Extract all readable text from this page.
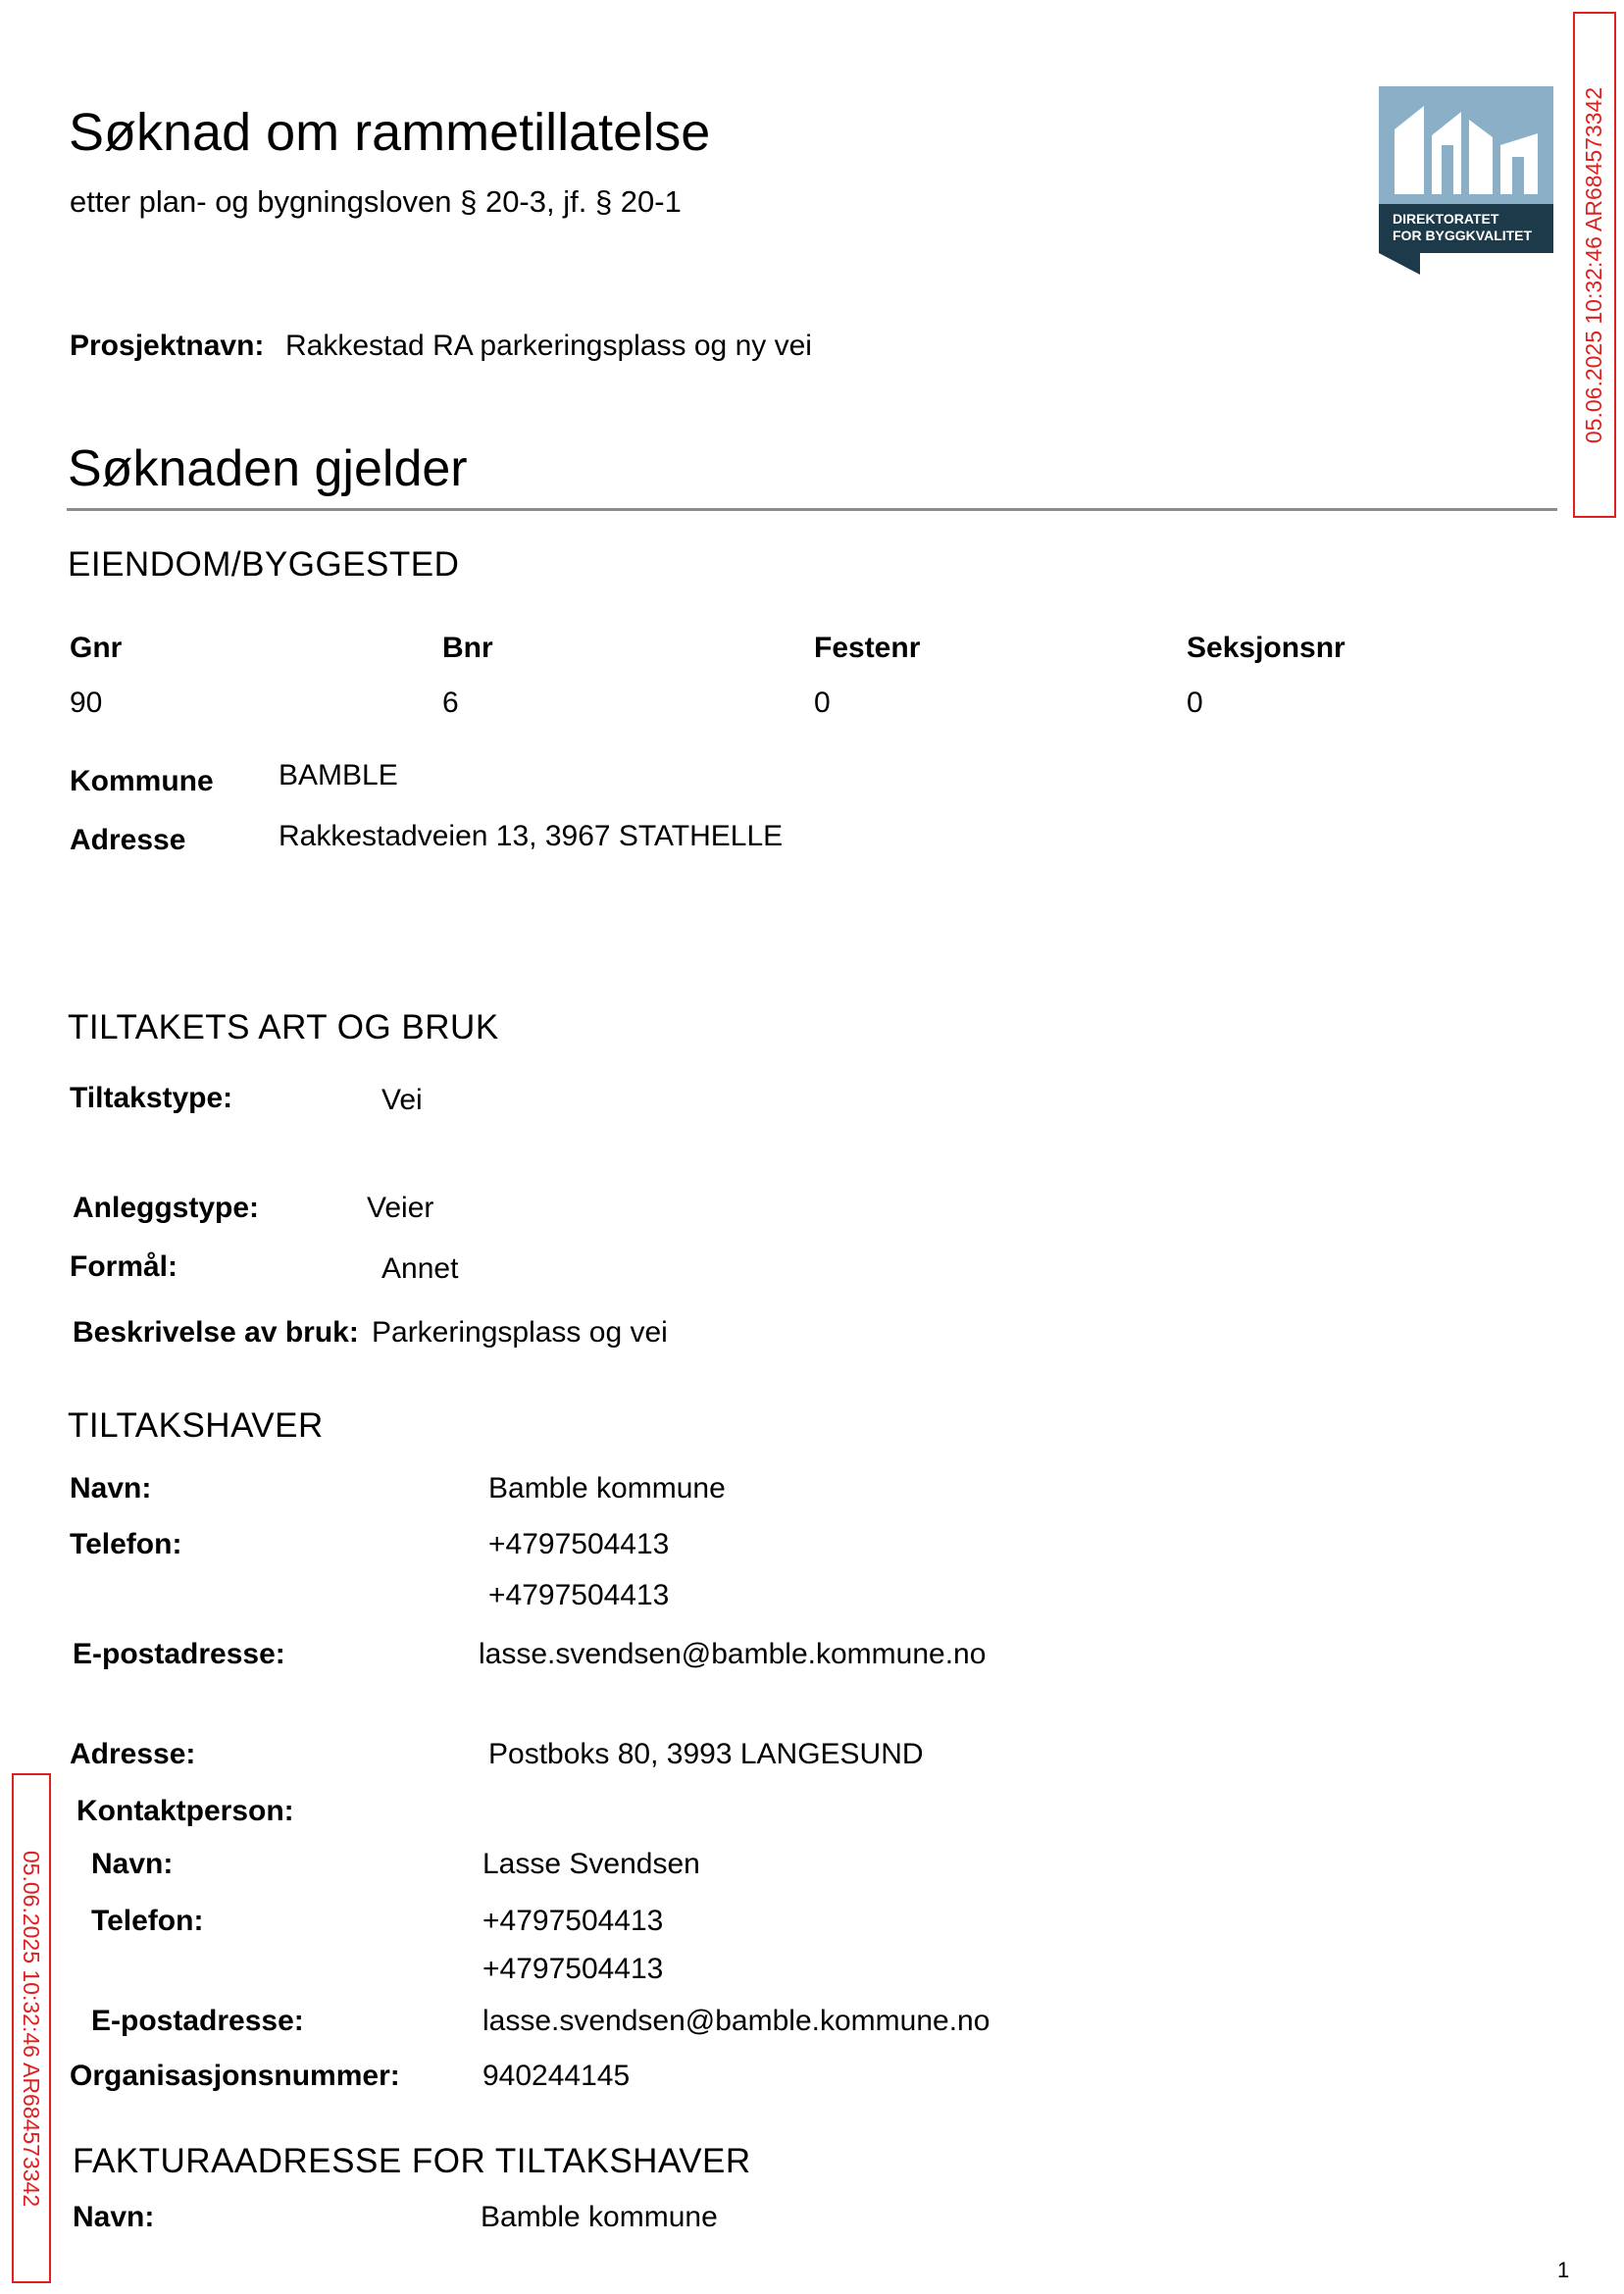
Søknad om rammetillatelse
etter plan- og bygningsloven § 20-3, jf. § 20-1	DIREKTORATET
FOR BYGGKVALITET 05.06.2025 10:32:46 AR684573342
05.06.2025 10:32:46 AR684573342
Prosjektnavn: Rakkestad RA parkeringsplass og ny vei
Søknaden gjelder
EIENDOM/BYGGESTED
Gnr	Bnr	Festenr	Seksjonsnr
90	6	0	0
Kommune BAMBLE
Adresse	Rakkestadveien 13, 3967 STATHELLE
TILTAKETS ART OG BRUK
Tiltakstype:	Vei
Anleggstype:	Veier
Formål:	Annet
Beskrivelse av bruk: Parkeringsplass og vei
TILTAKSHAVER
Navn:	Bamble kommune
Telefon:	+4797504413
+4797504413
E-postadresse:	lasse.svendsen@bamble.kommune.no
Adresse:	Postboks 80, 3993 LANGESUND
Kontaktperson:
Navn:	Lasse Svendsen
Telefon:	+4797504413
+4797504413
E-postadresse:	lasse.svendsen@bamble.kommune.no
Organisasjonsnummer:	940244145
FAKTURAADRESSE FOR TILTAKSHAVER
Navn:	Bamble kommune
1
